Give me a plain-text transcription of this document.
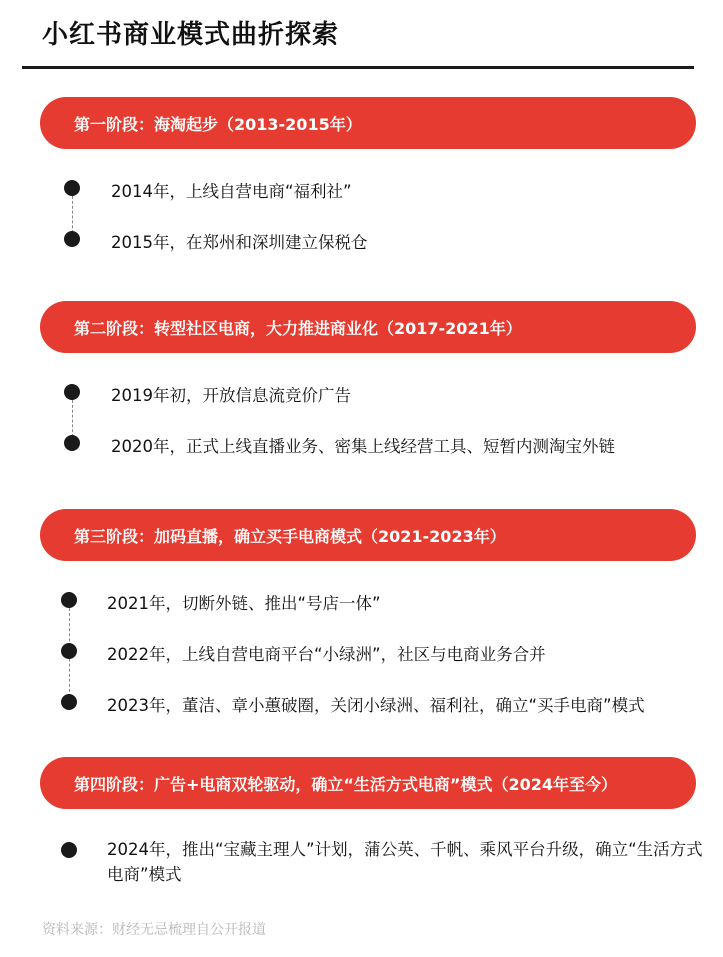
小红书商业模式曲折探索
第一阶段：海淘起步（2013-2015年）
2014年，上线自营电商“福利社”
2015年，在郑州和深圳建立保税仓
第二阶段：转型社区电商，大力推进商业化（2017-2021年）
2019年初，开放信息流竞价广告
2020年，正式上线直播业务、密集上线经营工具、短暂内测淘宝外链
第三阶段：加码直播，确立买手电商模式（2021-2023年）
2021年，切断外链、推出“号店一体”
2022年，上线自营电商平台“小绿洲”，社区与电商业务合并
2023年，董洁、章小蕙破圈，关闭小绿洲、福利社，确立“买手电商”模式
第四阶段：广告+电商双轮驱动，确立“生活方式电商”模式（2024年至今）
2024年，推出“宝藏主理人”计划，蒲公英、千帆、乘风平台升级，确立“生活方式电商”模式
资料来源：财经无忌梳理自公开报道
